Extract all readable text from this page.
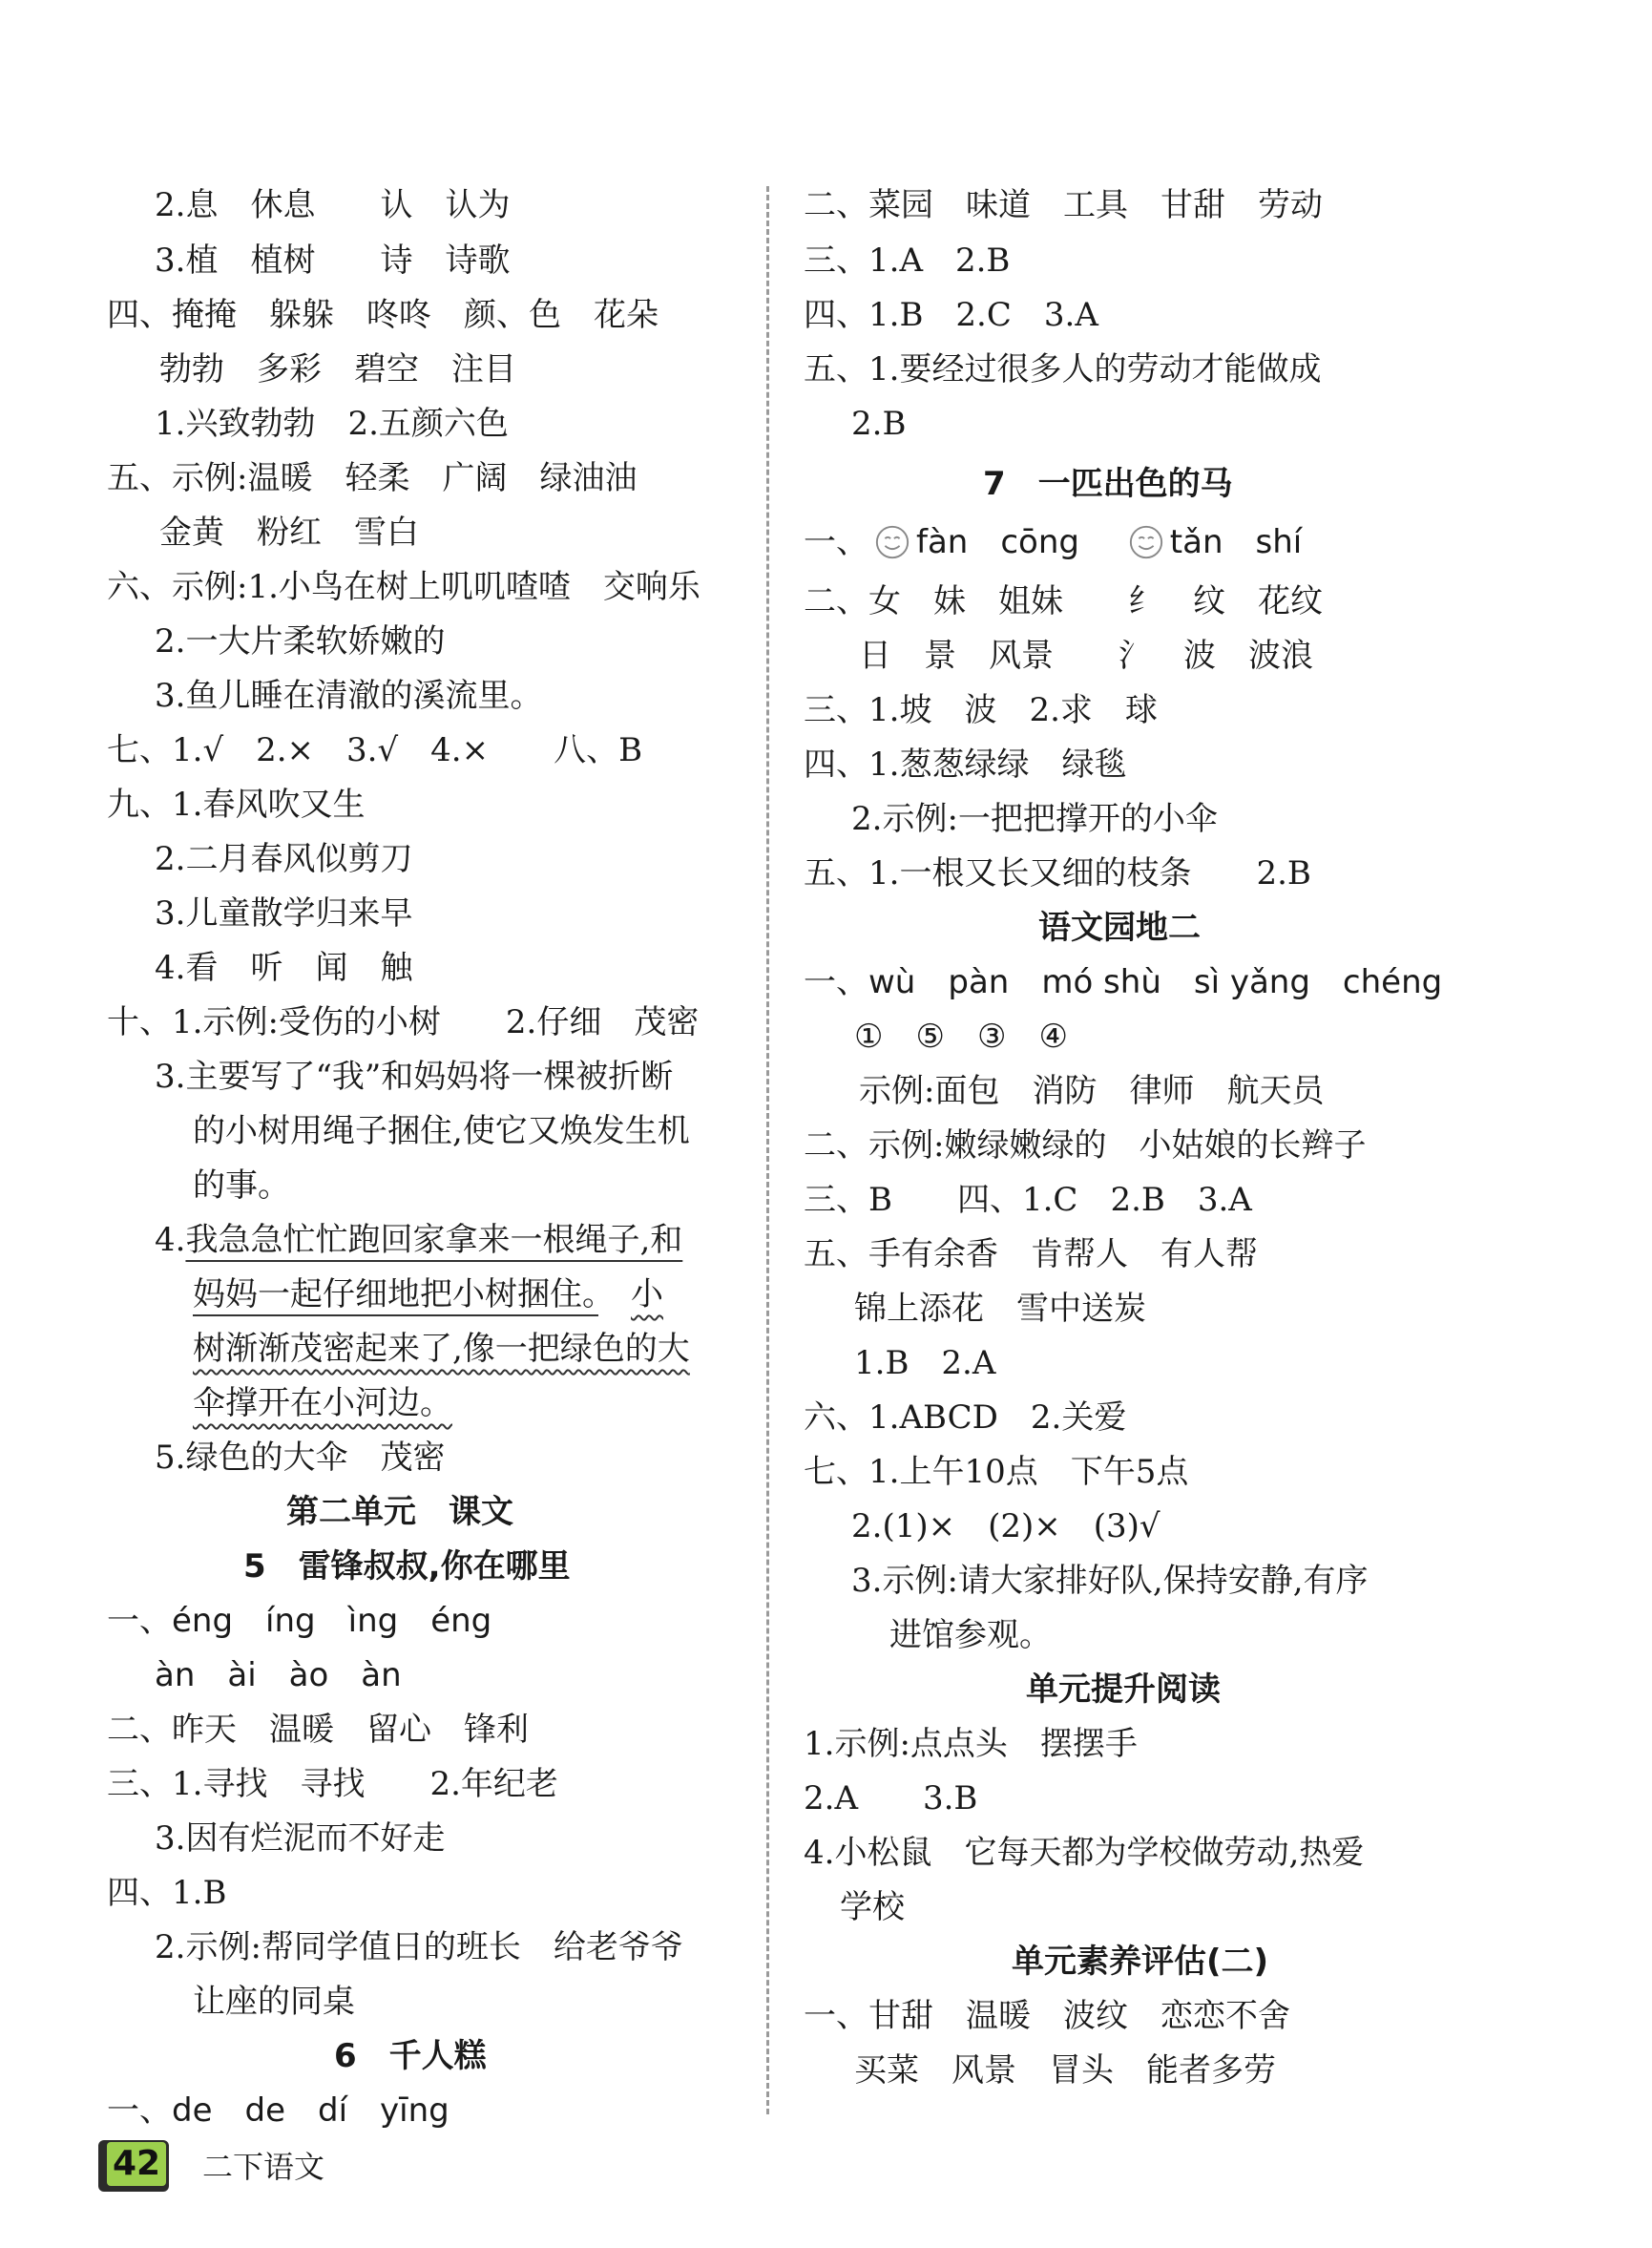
2.息　休息　　认　认为
3.植　植树　　诗　诗歌
四、掩掩　躲躲　咚咚　颜、色　花朵
勃勃　多彩　碧空　注目
1.兴致勃勃　2.五颜六色
五、示例:温暖　轻柔　广阔　绿油油
金黄　粉红　雪白
六、示例:1.小鸟在树上叽叽喳喳　交响乐
2.一大片柔软娇嫩的
3.鱼儿睡在清澈的溪流里。
七、1.√　2.×　3.√　4.×　　八、B
九、1.春风吹又生
2.二月春风似剪刀
3.儿童散学归来早
4.看　听　闻　触
十、1.示例:受伤的小树　　2.仔细　茂密
3.主要写了“我”和妈妈将一棵被折断
的小树用绳子捆住,使它又焕发生机
的事。
4.我急急忙忙跑回家拿来一根绳子,和
妈妈一起仔细地把小树捆住。　 小
树渐渐茂密起来了,像一把绿色的大
伞撑开在小河边。
5.绿色的大伞　茂密
第二单元　课文
5　雷锋叔叔,你在哪里
一、éng　íng　ìng　éng
àn　ài　ào　àn
二、昨天　温暖　留心　锋利
三、1.寻找　寻找　　2.年纪老
3.因有烂泥而不好走
四、1.B
2.示例:帮同学值日的班长　给老爷爷
让座的同桌
6　千人糕
一、de　de　dí　yīng
二、菜园　味道　工具　甘甜　劳动
三、1.A　2.B
四、1.B　2.C　3.A
五、1.要经过很多人的劳动才能做成
2.B
7　一匹出色的马
一、 fàn　cōng　	tǎn　shí
二、女　妹　姐妹　　纟　纹　花纹
日　景　风景　　氵　波　波浪
三、1.坡　波　2.求　球
四、1.葱葱绿绿　绿毯
2.示例:一把把撑开的小伞
五、1.一根又长又细的枝条　　2.B
语文园地二
一、wù　pàn　mó shù　sì yǎng　chéng
①　⑤　③　④
示例:面包　消防　律师　航天员
二、示例:嫩绿嫩绿的　小姑娘的长辫子
三、B　　四、1.C　2.B　3.A
五、手有余香　肯帮人　有人帮
锦上添花　雪中送炭
1.B　2.A
六、1.ABCD　2.关爱
七、1.上午10点　下午5点
2.(1)×　(2)×　(3)√
3.示例:请大家排好队,保持安静,有序
进馆参观。
单元提升阅读
1.示例:点点头　摆摆手
2.A　　3.B
4.小松鼠　它每天都为学校做劳动,热爱
学校
单元素养评估(二)
一、甘甜　温暖　波纹　恋恋不舍
买菜　风景　冒头　能者多劳
42 二下语文
